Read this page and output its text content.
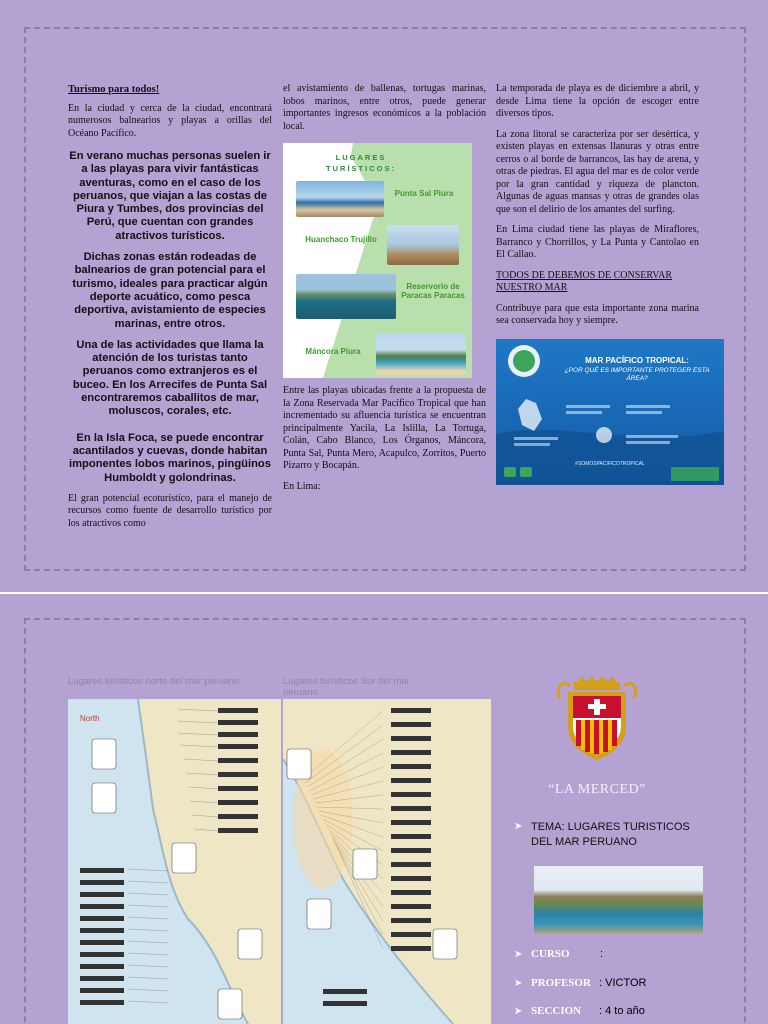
Turismo para todos!

En la ciudad y cerca de la ciudad, encontrará numerosos balnearios y playas a orillas del Océano Pacífico.

En verano muchas personas suelen ir a las playas para vivir fantásticas aventuras, como en el caso de los peruanos, que viajan a las costas de Piura y Tumbes, dos provincias del Perú, que cuentan con grandes atractivos turísticos.

Dichas zonas están rodeadas de balnearios de gran potencial para el turismo, ideales para practicar algún deporte acuático, como pesca deportiva, avistamiento de especies marinas, entre otros.

Una de las actividades que llama la atención de los turistas tanto peruanos como extranjeros es el buceo. En los Arrecifes de Punta Sal encontraremos caballitos de mar, moluscos, corales, etc.

En la Isla Foca, se puede encontrar acantilados y cuevas, donde habitan imponentes lobos marinos, pingüinos Humboldt y golondrinas.

El gran potencial ecoturístico, para el manejo de recursos como fuente de desarrollo turístico por los atractivos como

el avistamiento de ballenas, tortugas marinas, lobos marinos, entre otros, puede generar importantes ingresos económicos a la población local.

LUGARES TURÍSTICOS:
Punta Sal Piura
Huanchaco Trujillo
Reservorio de Paracas Paracas
Máncora Piura

Entre las playas ubicadas frente a la propuesta de la Zona Reservada Mar Pacífico Tropical que han incrementado su afluencia turística se encuentran principalmente Yacila, La Islilla, La Tortuga, Colán, Cabo Blanco, Los Órganos, Máncora, Punta Sal, Punta Mero, Acapulco, Zorritos, Puerto Pizarro y Bocapán.

En Lima:

La temporada de playa es de diciembre a abril, y desde Lima tiene la opción de escoger entre diversos tipos.

La zona litoral se caracteriza por ser desértica, y existen playas en extensas llanuras y otras entre cerros o al borde de barrancos, las hay de arena, y otras de piedras. El agua del mar es de color verde por la gran cantidad y riqueza de plancton. Algunas de aguas mansas y otras de grandes olas que son el delirio de los amantes del surfing.

En Lima ciudad tiene las playas de Miraflores, Barranco y Chorrillos, y La Punta y Cantolao en El Callao.

TODOS DE DEBEMOS DE CONSERVAR NUESTRO MAR

Contribuye para que esta importante zona marina sea conservada hoy y siempre.

MAR PACÍFICO TROPICAL:
¿POR QUÉ ES IMPORTANTE PROTEGER ESTA ÁREA?
#SOMOSPACIFICOTROPICAL
Lugares turísticos norte del mar peruano	Lugares turísticos Sur del mar peruano
North
“LA MERCED”
➤ TEMA: LUGARES TURISTICOS DEL MAR PERUANO
➤ CURSO	:
➤ PROFESOR : VICTOR
➤ SECCION : 4 to año
